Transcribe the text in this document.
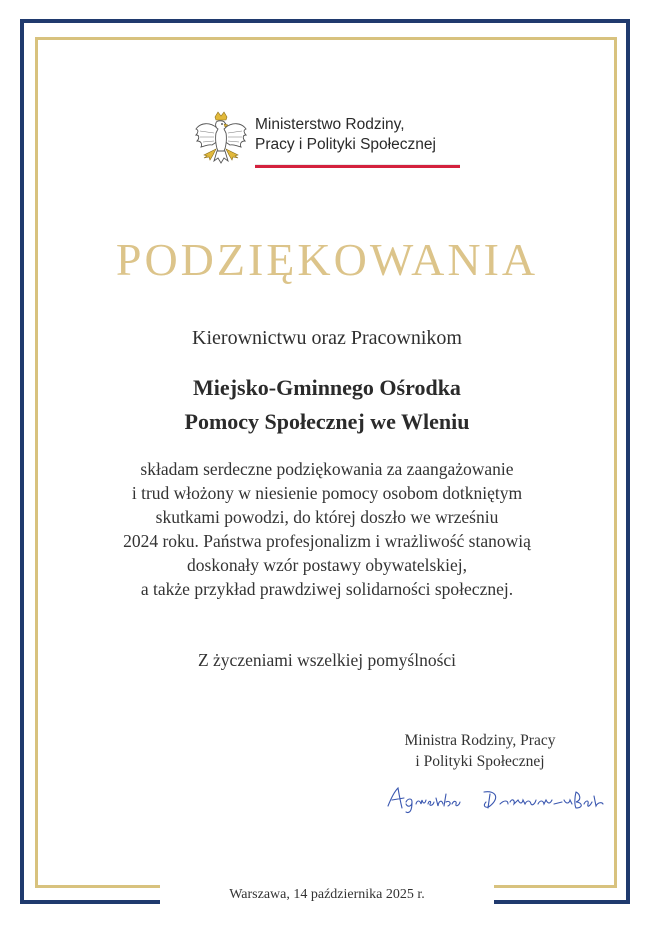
Ministerstwo Rodziny,
Pracy i Polityki Społecznej
PODZIĘKOWANIA
Kierownictwu oraz Pracownikom
Miejsko-Gminnego Ośrodka
Pomocy Społecznej we Wleniu
składam serdeczne podziękowania za zaangażowanie
i trud włożony w niesienie pomocy osobom dotkniętym
skutkami powodzi, do której doszło we wrześniu
2024 roku. Państwa profesjonalizm i wrażliwość stanowią
doskonały wzór postawy obywatelskiej,
a także przykład prawdziwej solidarności społecznej.
Z życzeniami wszelkiej pomyślności
Ministra Rodziny, Pracy
i Polityki Społecznej
Warszawa, 14 października 2025 r.
